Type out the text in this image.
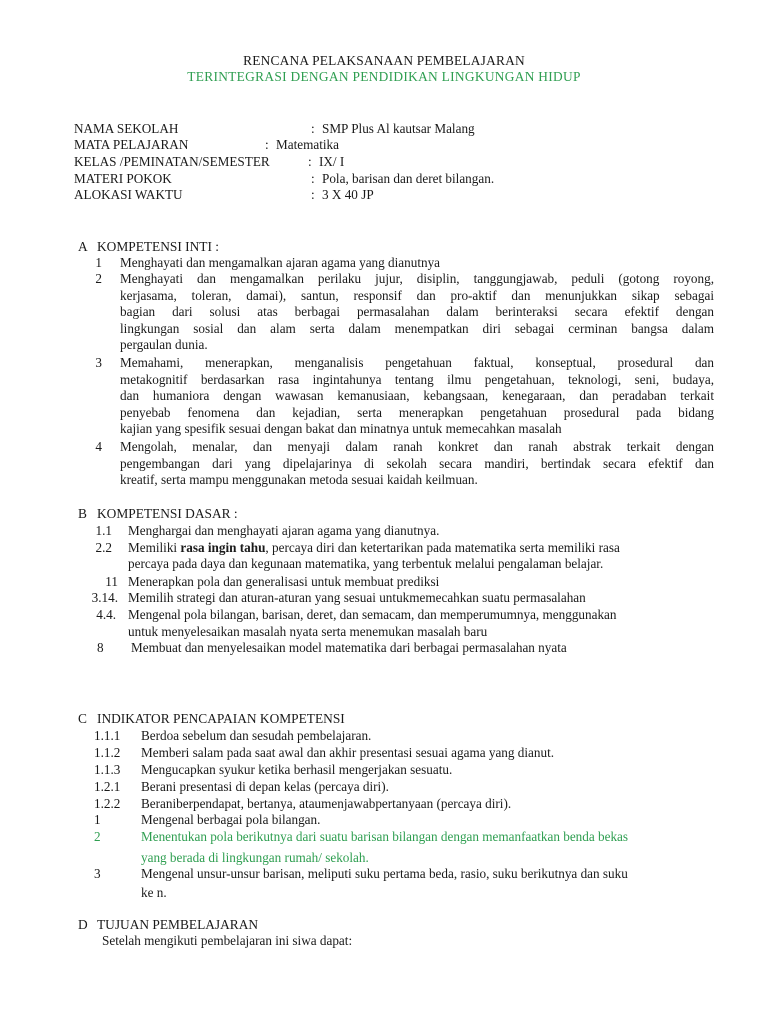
RENCANA PELAKSANAAN PEMBELAJARAN
TERINTEGRASI DENGAN PENDIDIKAN LINGKUNGAN HIDUP
NAMA SEKOLAH	: SMP Plus Al kautsar Malang
MATA PELAJARAN	: Matematika
KELAS /PEMINATAN/SEMESTER	: IX/ I
MATERI POKOK	: Pola, barisan dan deret bilangan.
ALOKASI WAKTU	: 3 X 40 JP
A KOMPETENSI INTI :
1 Menghayati dan mengamalkan ajaran agama yang dianutnya
2 Menghayati dan mengamalkan perilaku jujur, disiplin, tanggungjawab, peduli (gotong royong,
kerjasama, toleran, damai), santun, responsif dan pro-aktif dan menunjukkan sikap sebagai
bagian dari solusi atas berbagai permasalahan dalam berinteraksi secara efektif dengan
lingkungan sosial dan alam serta dalam menempatkan diri sebagai cerminan bangsa dalam
pergaulan dunia.
3 Memahami, menerapkan, menganalisis pengetahuan faktual, konseptual, prosedural dan
metakognitif berdasarkan rasa ingintahunya tentang ilmu pengetahuan, teknologi, seni, budaya,
dan humaniora dengan wawasan kemanusiaan, kebangsaan, kenegaraan, dan peradaban terkait
penyebab fenomena dan kejadian, serta menerapkan pengetahuan prosedural pada bidang
kajian yang spesifik sesuai dengan bakat dan minatnya untuk memecahkan masalah
4 Mengolah, menalar, dan menyaji dalam ranah konkret dan ranah abstrak terkait dengan
pengembangan dari yang dipelajarinya di sekolah secara mandiri, bertindak secara efektif dan
kreatif, serta mampu menggunakan metoda sesuai kaidah keilmuan.
B KOMPETENSI DASAR :
1.1 Menghargai dan menghayati ajaran agama yang dianutnya.
2.2 Memiliki rasa ingin tahu, percaya diri dan ketertarikan pada matematika serta memiliki rasa
percaya pada daya dan kegunaan matematika, yang terbentuk melalui pengalaman belajar.
11 Menerapkan pola dan generalisasi untuk membuat prediksi
3.14. Memilih strategi dan aturan-aturan yang sesuai untukmemecahkan suatu permasalahan
4.4. Mengenal pola bilangan, barisan, deret, dan semacam, dan memperumumnya, menggunakan
untuk menyelesaikan masalah nyata serta menemukan masalah baru
8 Membuat dan menyelesaikan model matematika dari berbagai permasalahan nyata
C INDIKATOR PENCAPAIAN KOMPETENSI
1.1.1 Berdoa sebelum dan sesudah pembelajaran.
1.1.2 Memberi salam pada saat awal dan akhir presentasi sesuai agama yang dianut.
1.1.3 Mengucapkan syukur ketika berhasil mengerjakan sesuatu.
1.2.1 Berani presentasi di depan kelas (percaya diri).
1.2.2 Beraniberpendapat, bertanya, ataumenjawabpertanyaan (percaya diri).
1	Mengenal berbagai pola bilangan.
2	Menentukan pola berikutnya dari suatu barisan bilangan dengan memanfaatkan benda bekas
yang berada di lingkungan rumah/ sekolah.
3	Mengenal unsur-unsur barisan, meliputi suku pertama beda, rasio, suku berikutnya dan suku
ke n.
D TUJUAN PEMBELAJARAN
Setelah mengikuti pembelajaran ini siwa dapat:
